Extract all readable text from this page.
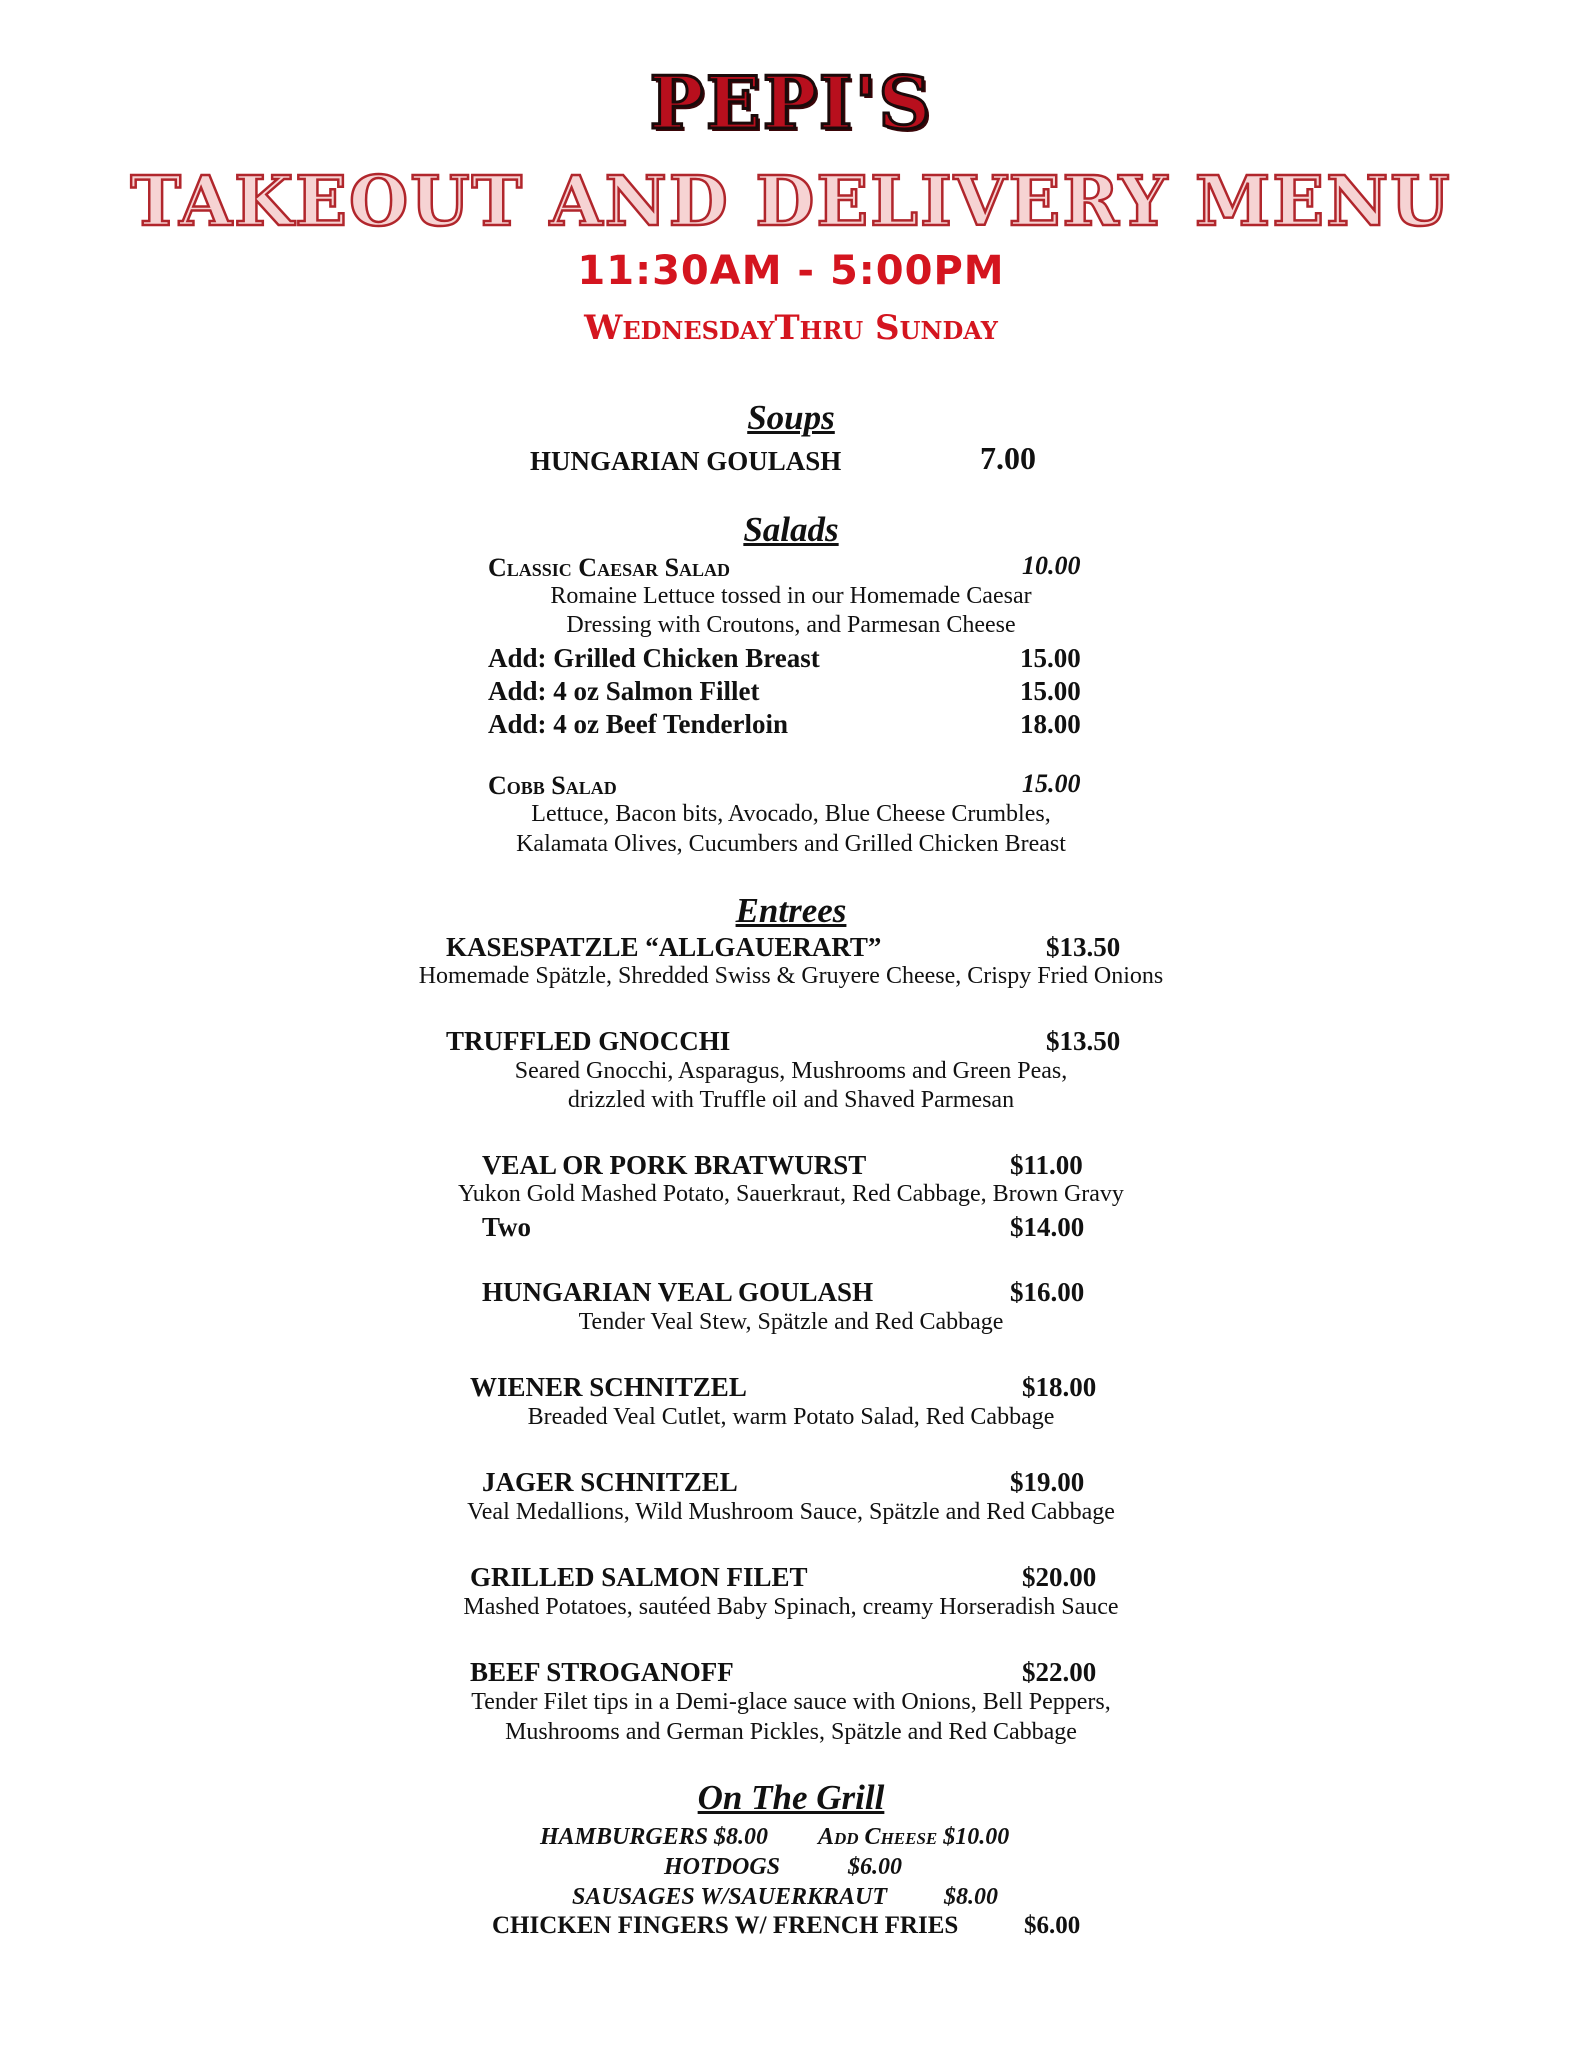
PEPI'S
TAKEOUT AND DELIVERY MENU
11:30AM - 5:00PM
WednesdayThru Sunday
Soups
HUNGARIAN GOULASH	7.00
Salads
Classic Caesar Salad	10.00
Romaine Lettuce tossed in our Homemade Caesar
Dressing with Croutons, and Parmesan Cheese
Add: Grilled Chicken Breast	15.00
Add: 4 oz Salmon Fillet	15.00
Add: 4 oz Beef Tenderloin	18.00
Cobb Salad	15.00
Lettuce, Bacon bits, Avocado, Blue Cheese Crumbles,
Kalamata Olives, Cucumbers and Grilled Chicken Breast
Entrees
KASESPATZLE “ALLGAUERART”	$13.50
Homemade Spätzle, Shredded Swiss & Gruyere Cheese, Crispy Fried Onions
TRUFFLED GNOCCHI	$13.50
Seared Gnocchi, Asparagus, Mushrooms and Green Peas,
drizzled with Truffle oil and Shaved Parmesan
VEAL OR PORK BRATWURST	$11.00
Yukon Gold Mashed Potato, Sauerkraut, Red Cabbage, Brown Gravy
Two	$14.00
HUNGARIAN VEAL GOULASH	$16.00
Tender Veal Stew, Spätzle and Red Cabbage
WIENER SCHNITZEL	$18.00
Breaded Veal Cutlet, warm Potato Salad, Red Cabbage
JAGER SCHNITZEL	$19.00
Veal Medallions, Wild Mushroom Sauce, Spätzle and Red Cabbage
GRILLED SALMON FILET	$20.00
Mashed Potatoes, sautéed Baby Spinach, creamy Horseradish Sauce
BEEF STROGANOFF	$22.00
Tender Filet tips in a Demi-glace sauce with Onions, Bell Peppers,
Mushrooms and German Pickles, Spätzle and Red Cabbage
On The Grill
HAMBURGERS $8.00 Add Cheese $10.00
HOTDOGS	$6.00
SAUSAGES W/SAUERKRAUT $8.00
CHICKEN FINGERS W/ FRENCH FRIES	$6.00
